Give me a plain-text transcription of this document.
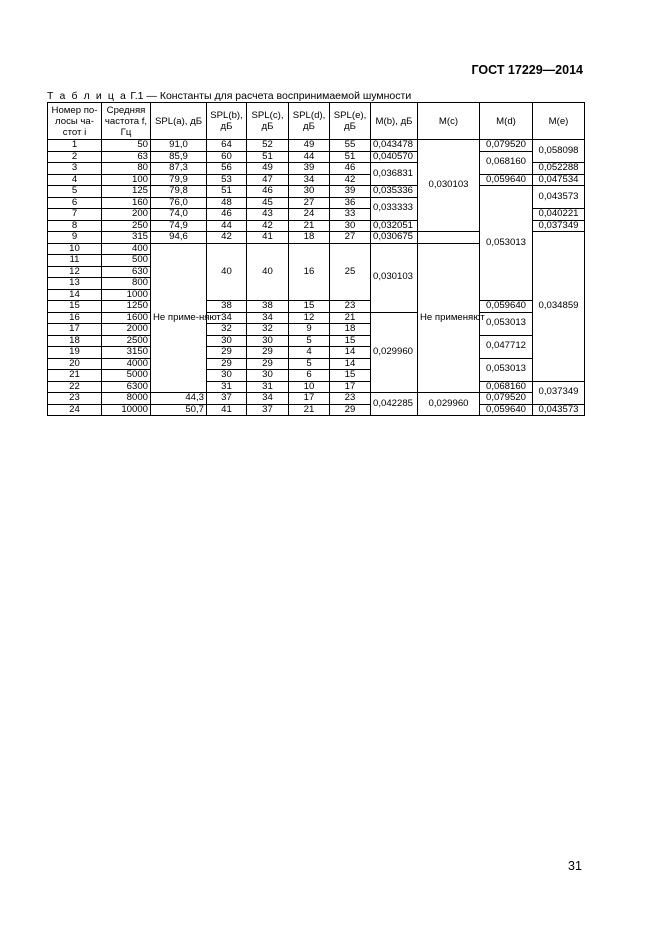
ГОСТ 17229—2014
Т а б л и ц а Г.1 — Константы для расчета воспринимаемой шумности
Номер по-лосы ча-стот i	Средняя частота f, Гц	SPL(a), дБ	SPL(b), дБ	SPL(c), дБ	SPL(d), дБ	SPL(e), дБ	M(b), дБ	M(c)	M(d)	M(e)	
1	50	91,0	64	52	49	55	0,043478	0,030103	0,079520	0,058098	
2	63	85,9	60	51	44	51	0,040570		0,068160		
3	80	87,3	56	49	39	46	0,036831			0,052288	
4	100	79,9	53	47	34	42			0,059640	0,047534	
5	125	79,8	51	46	30	39	0,035336		0,053013	0,043573	
6	160	76,0	48	45	27	36	0,033333				
7	200	74,0	46	43	24	33				0,040221	
8	250	74,9	44	42	21	30	0,032051			0,037349	
9	315	94,6	42	41	18	27	0,030675			0,034859	
10	400	Не приме-няют	40	40	16	25	0,030103	Не применяют			
11	500										
12	630										
13	800										
14	1000										
15	1250		38	38	15	23			0,059640		
16	1600		34	34	12	21	0,029960		0,053013	
17	2000		32	32	9	18	
18	2500		30	30	5	15			0,047712		
19	3150		29	29	4	14	
20	4000		29	29	5	14			0,053013		
21	5000		30	30	6	15					
22	6300		31	31	10	17			0,068160	0,037349	
23	8000	44,3	37	34	17	23	0,042285	0,029960	0,079520		
24	10000	50,7	41	37	21	29			0,059640	0,043573	
31
